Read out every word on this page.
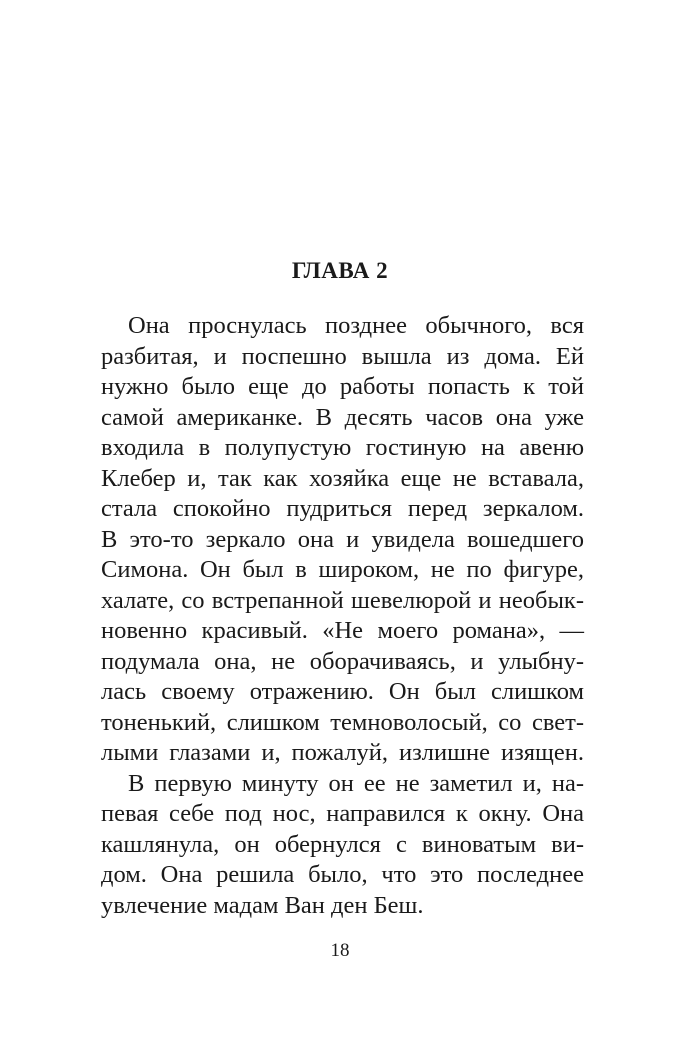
ГЛАВА 2
Она проснулась позднее обычного, вся
разбитая, и поспешно вышла из дома. Ей
нужно было еще до работы попасть к той
самой американке. В десять часов она уже
входила в полупустую гостиную на авеню
Клебер и, так как хозяйка еще не вставала,
стала спокойно пудриться перед зеркалом.
В это-то зеркало она и увидела вошедшего
Симона. Он был в широком, не по фигуре,
халате, со встрепанной шевелюрой и необык-
новенно красивый. «Не моего романа», —
подумала она, не оборачиваясь, и улыбну-
лась своему отражению. Он был слишком
тоненький, слишком темноволосый, со свет-
лыми глазами и, пожалуй, излишне изящен.
В первую минуту он ее не заметил и, на-
певая себе под нос, направился к окну. Она
кашлянула, он обернулся с виноватым ви-
дом. Она решила было, что это последнее
увлечение мадам Ван ден Беш.

18
